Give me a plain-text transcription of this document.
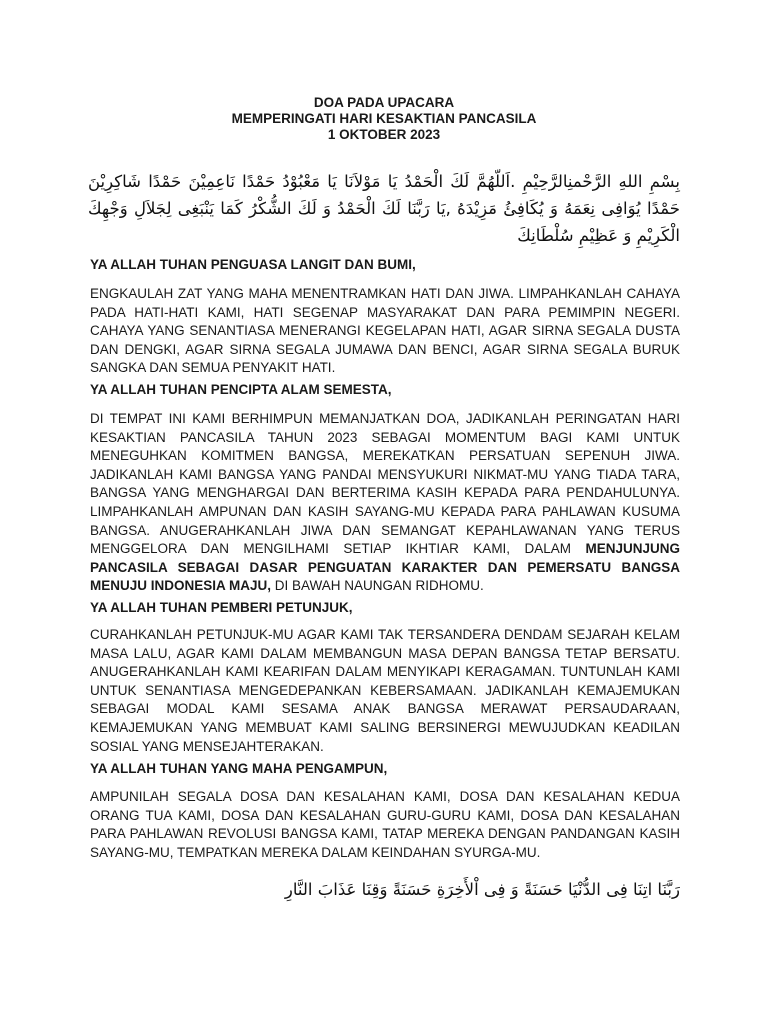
DOA PADA UPACARA
MEMPERINGATI HARI KESAKTIAN PANCASILA
1 OKTOBER 2023
بِسْمِ اللهِ الرَّحْمنِالرَّحِيْمِ .اَللّهُمَّ لَكَ الْحَمْدُ يَا مَوْلاَنَا يَا مَعْبُوْدُ حَمْدًا نَاعِمِيْنَ حَمْدًا شَاكِرِيْنَ حَمْدًا يُوَافِى نِعَمَهُ وَ يُكَافِئُ مَزِيْدَهُ ,يَا رَبَّنَا لَكَ الْحَمْدُ وَ لَكَ الشُّكْرُ كَمَا يَنْبَغِى لِجَلاَلِ وَجْهِكَ الْكَرِيْمِ وَ عَظِيْمِ سُلْطَانِكَ
YA ALLAH TUHAN PENGUASA LANGIT DAN BUMI,
ENGKAULAH ZAT YANG MAHA MENENTRAMKAN HATI DAN JIWA. LIMPAHKANLAH CAHAYA PADA HATI-HATI KAMI, HATI SEGENAP MASYARAKAT DAN PARA PEMIMPIN NEGERI. CAHAYA YANG SENANTIASA MENERANGI KEGELAPAN HATI, AGAR SIRNA SEGALA DUSTA DAN DENGKI, AGAR SIRNA SEGALA JUMAWA DAN BENCI, AGAR SIRNA SEGALA BURUK SANGKA DAN SEMUA PENYAKIT HATI.
YA ALLAH TUHAN PENCIPTA ALAM SEMESTA,
DI TEMPAT INI KAMI BERHIMPUN MEMANJATKAN DOA, JADIKANLAH PERINGATAN HARI KESAKTIAN PANCASILA TAHUN 2023 SEBAGAI MOMENTUM BAGI KAMI UNTUK MENEGUHKAN KOMITMEN BANGSA, MEREKATKAN PERSATUAN SEPENUH JIWA. JADIKANLAH KAMI BANGSA YANG PANDAI MENSYUKURI NIKMAT-MU YANG TIADA TARA, BANGSA YANG MENGHARGAI DAN BERTERIMA KASIH KEPADA PARA PENDAHULUNYA. LIMPAHKANLAH AMPUNAN DAN KASIH SAYANG-MU KEPADA PARA PAHLAWAN KUSUMA BANGSA. ANUGERAHKANLAH JIWA DAN SEMANGAT KEPAHLAWANAN YANG TERUS MENGGELORA DAN MENGILHAMI SETIAP IKHTIAR KAMI, DALAM MENJUNJUNG PANCASILA SEBAGAI DASAR PENGUATAN KARAKTER DAN PEMERSATU BANGSA MENUJU INDONESIA MAJU, DI BAWAH NAUNGAN RIDHOMU.
YA ALLAH TUHAN PEMBERI PETUNJUK,
CURAHKANLAH PETUNJUK-MU AGAR KAMI TAK TERSANDERA DENDAM SEJARAH KELAM MASA LALU, AGAR KAMI DALAM MEMBANGUN MASA DEPAN BANGSA TETAP BERSATU. ANUGERAHKANLAH KAMI KEARIFAN DALAM MENYIKAPI KERAGAMAN. TUNTUNLAH KAMI UNTUK SENANTIASA MENGEDEPANKAN KEBERSAMAAN. JADIKANLAH KEMAJEMUKAN SEBAGAI MODAL KAMI SESAMA ANAK BANGSA MERAWAT PERSAUDARAAN, KEMAJEMUKAN YANG MEMBUAT KAMI SALING BERSINERGI MEWUJUDKAN KEADILAN SOSIAL YANG MENSEJAHTERAKAN.
YA ALLAH TUHAN YANG MAHA PENGAMPUN,
AMPUNILAH SEGALA DOSA DAN KESALAHAN KAMI, DOSA DAN KESALAHAN KEDUA ORANG TUA KAMI, DOSA DAN KESALAHAN GURU-GURU KAMI, DOSA DAN KESALAHAN PARA PAHLAWAN REVOLUSI BANGSA KAMI, TATAP MEREKA DENGAN PANDANGAN KASIH SAYANG-MU, TEMPATKAN MEREKA DALAM KEINDAHAN SYURGA-MU.
رَبَّنَا اتِنَا فِى الدُّنْيَا حَسَنَةً وَ فِى اْلأَخِرَةِ حَسَنَةً وَقِنَا عَذَابَ النَّارِ
